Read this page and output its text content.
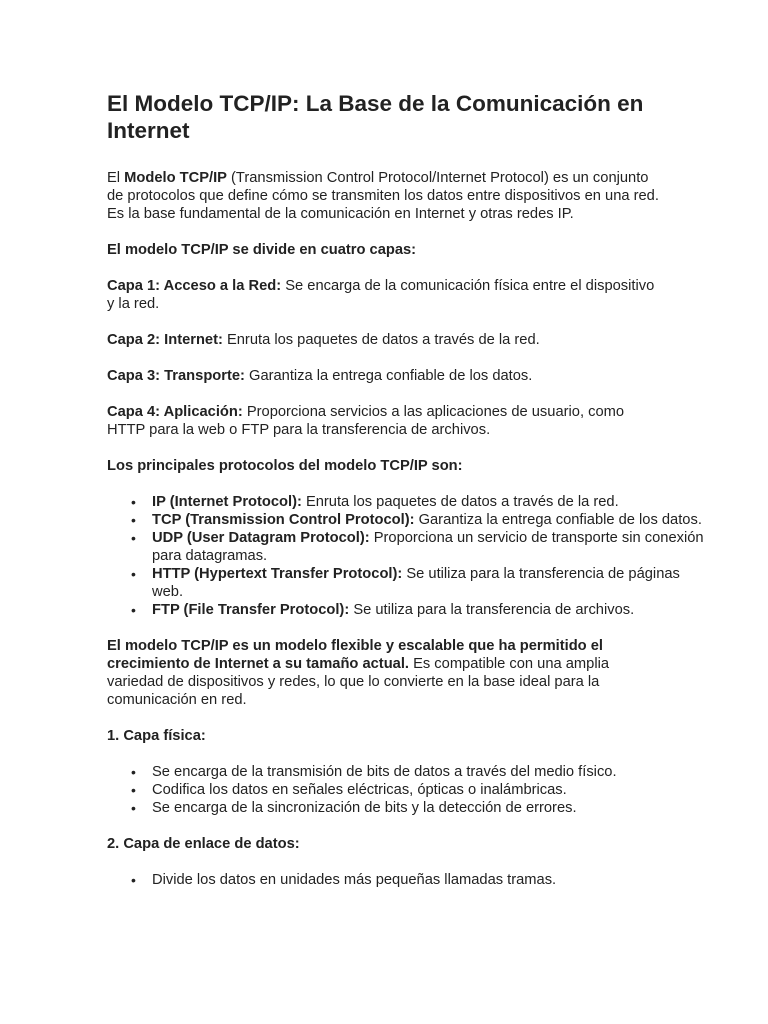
El Modelo TCP/IP: La Base de la Comunicación en Internet

El Modelo TCP/IP (Transmission Control Protocol/Internet Protocol) es un conjunto de protocolos que define cómo se transmiten los datos entre dispositivos en una red. Es la base fundamental de la comunicación en Internet y otras redes IP.

El modelo TCP/IP se divide en cuatro capas:

Capa 1: Acceso a la Red: Se encarga de la comunicación física entre el dispositivo y la red.

Capa 2: Internet: Enruta los paquetes de datos a través de la red.

Capa 3: Transporte: Garantiza la entrega confiable de los datos.

Capa 4: Aplicación: Proporciona servicios a las aplicaciones de usuario, como HTTP para la web o FTP para la transferencia de archivos.

Los principales protocolos del modelo TCP/IP son:

• IP (Internet Protocol): Enruta los paquetes de datos a través de la red.
• TCP (Transmission Control Protocol): Garantiza la entrega confiable de los datos.
• UDP (User Datagram Protocol): Proporciona un servicio de transporte sin conexión para datagramas.
• HTTP (Hypertext Transfer Protocol): Se utiliza para la transferencia de páginas web.
• FTP (File Transfer Protocol): Se utiliza para la transferencia de archivos.

El modelo TCP/IP es un modelo flexible y escalable que ha permitido el crecimiento de Internet a su tamaño actual. Es compatible con una amplia variedad de dispositivos y redes, lo que lo convierte en la base ideal para la comunicación en red.

1. Capa física:

• Se encarga de la transmisión de bits de datos a través del medio físico.
• Codifica los datos en señales eléctricas, ópticas o inalámbricas.
• Se encarga de la sincronización de bits y la detección de errores.

2. Capa de enlace de datos:

• Divide los datos en unidades más pequeñas llamadas tramas.
